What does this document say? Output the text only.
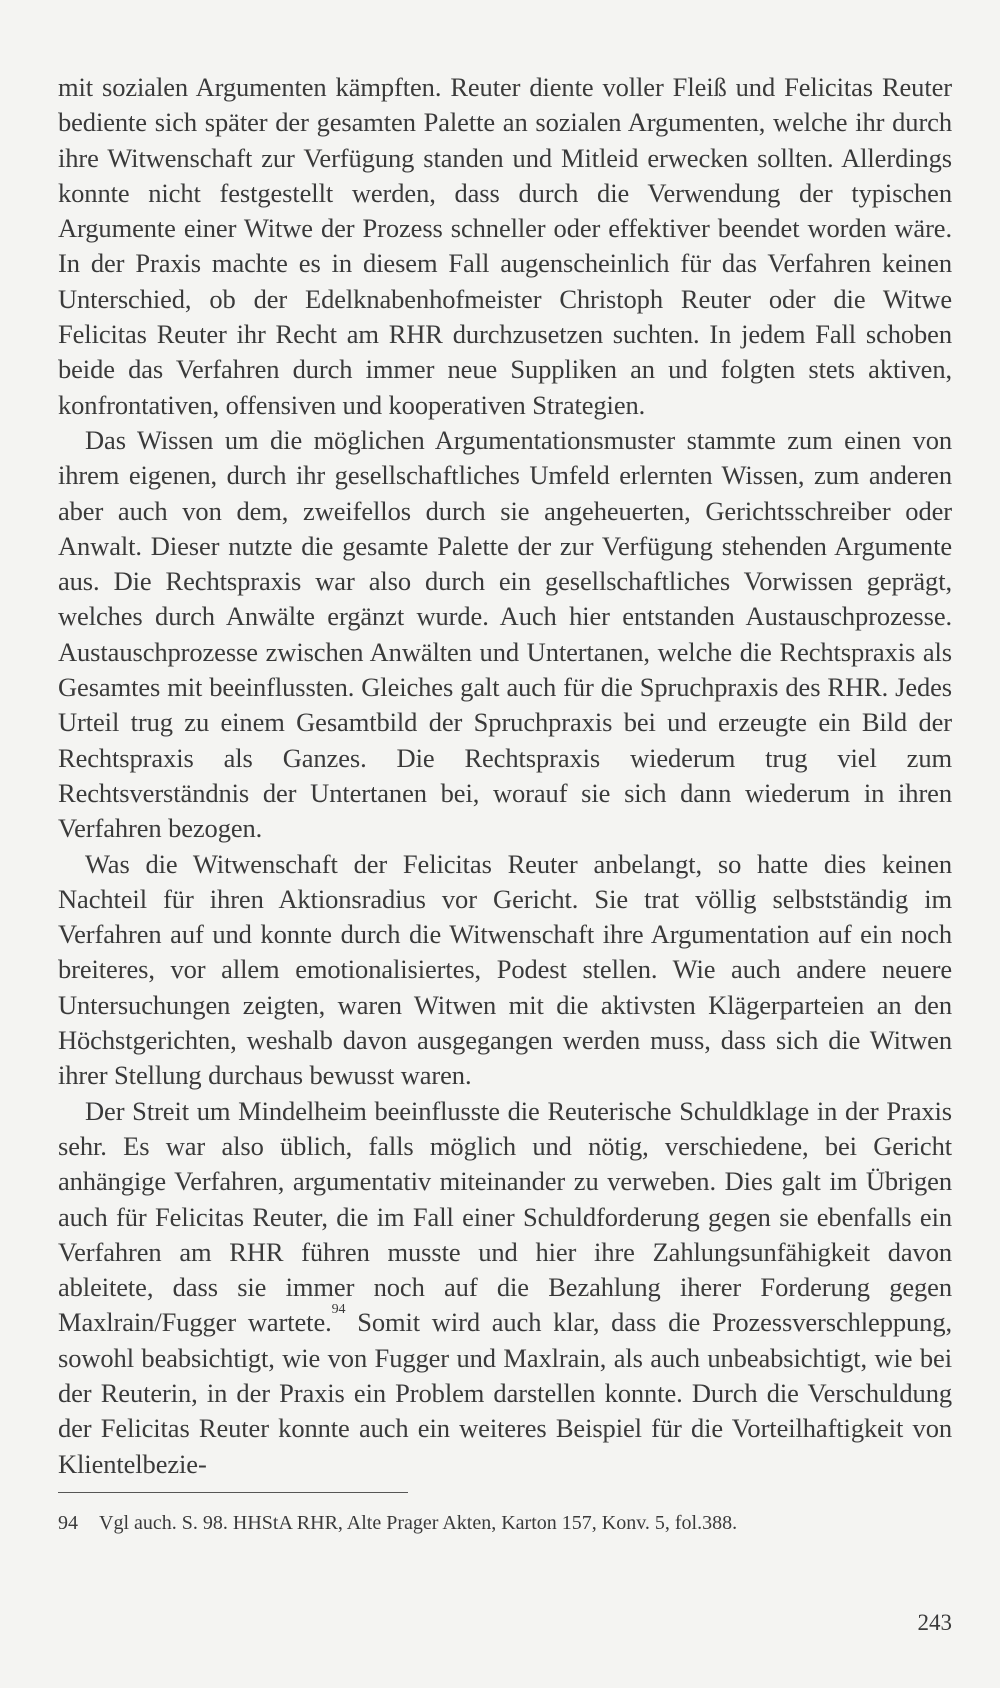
mit sozialen Argumenten kämpften. Reuter diente voller Fleiß und Felicitas Reuter bediente sich später der gesamten Palette an sozialen Argumenten, welche ihr durch ihre Witwenschaft zur Verfügung standen und Mitleid erwecken sollten. Allerdings konnte nicht festgestellt werden, dass durch die Verwendung der typischen Argumente einer Witwe der Prozess schneller oder effektiver beendet worden wäre. In der Praxis machte es in diesem Fall augenscheinlich für das Verfahren keinen Unterschied, ob der Edelknabenhofmeister Christoph Reuter oder die Witwe Felicitas Reuter ihr Recht am RHR durchzusetzen suchten. In jedem Fall schoben beide das Verfahren durch immer neue Suppliken an und folgten stets aktiven, konfrontativen, offensiven und kooperativen Strategien.

Das Wissen um die möglichen Argumentationsmuster stammte zum einen von ihrem eigenen, durch ihr gesellschaftliches Umfeld erlernten Wissen, zum anderen aber auch von dem, zweifellos durch sie angeheuerten, Gerichtsschreiber oder Anwalt. Dieser nutzte die gesamte Palette der zur Verfügung stehenden Argumente aus. Die Rechtspraxis war also durch ein gesellschaftliches Vorwissen geprägt, welches durch Anwälte ergänzt wurde. Auch hier entstanden Austauschprozesse. Austauschprozesse zwischen Anwälten und Untertanen, welche die Rechtspraxis als Gesamtes mit beeinflussten. Gleiches galt auch für die Spruchpraxis des RHR. Jedes Urteil trug zu einem Gesamtbild der Spruchpraxis bei und erzeugte ein Bild der Rechtspraxis als Ganzes. Die Rechtspraxis wiederum trug viel zum Rechtsverständnis der Untertanen bei, worauf sie sich dann wiederum in ihren Verfahren bezogen.

Was die Witwenschaft der Felicitas Reuter anbelangt, so hatte dies keinen Nachteil für ihren Aktionsradius vor Gericht. Sie trat völlig selbstständig im Verfahren auf und konnte durch die Witwenschaft ihre Argumentation auf ein noch breiteres, vor allem emotionalisiertes, Podest stellen. Wie auch andere neuere Untersuchungen zeigten, waren Witwen mit die aktivsten Klägerparteien an den Höchstgerichten, weshalb davon ausgegangen werden muss, dass sich die Witwen ihrer Stellung durchaus bewusst waren.

Der Streit um Mindelheim beeinflusste die Reuterische Schuldklage in der Praxis sehr. Es war also üblich, falls möglich und nötig, verschiedene, bei Gericht anhängige Verfahren, argumentativ miteinander zu verweben. Dies galt im Übrigen auch für Felicitas Reuter, die im Fall einer Schuldforderung gegen sie ebenfalls ein Verfahren am RHR führen musste und hier ihre Zahlungsunfähigkeit davon ableitete, dass sie immer noch auf die Bezahlung iherer Forderung gegen Maxlrain/Fugger wartete.$^{94}$ Somit wird auch klar, dass die Prozessverschleppung, sowohl beabsichtigt, wie von Fugger und Maxlrain, als auch unbeabsichtigt, wie bei der Reuterin, in der Praxis ein Problem darstellen konnte. Durch die Verschuldung der Felicitas Reuter konnte auch ein weiteres Beispiel für die Vorteilhaftigkeit von Klientelbezie-

94 Vgl auch. S. 98. HHStA RHR, Alte Prager Akten, Karton 157, Konv. 5, fol.388.
243
